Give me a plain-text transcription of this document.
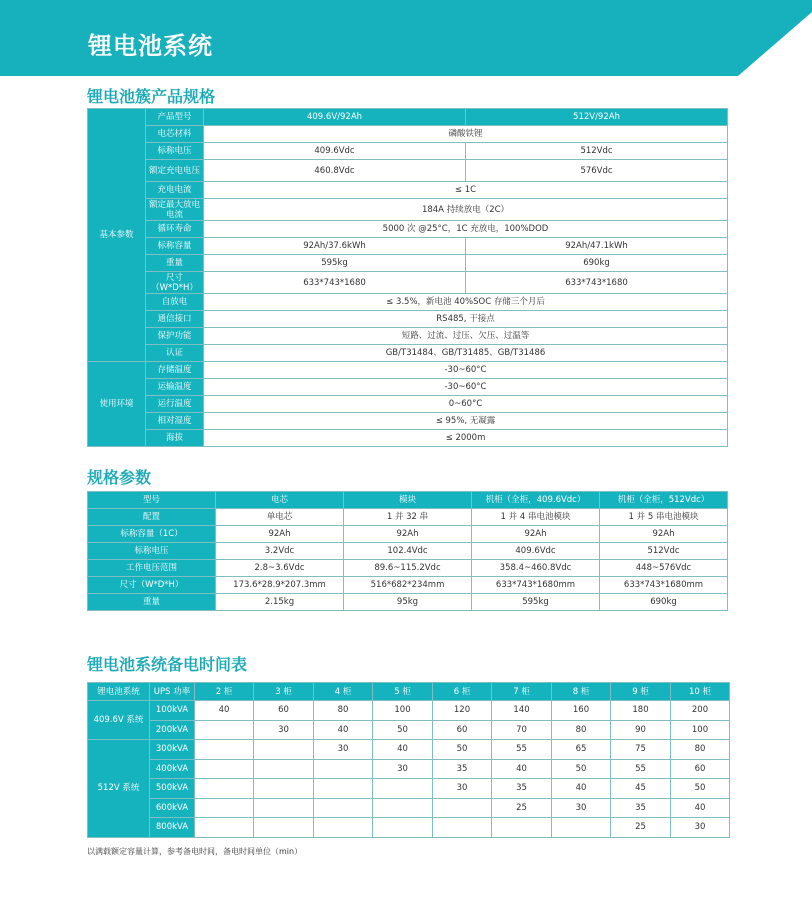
锂电池系统
锂电池簇产品规格
基本参数	产品型号	409.6V/92Ah	512V/92Ah
	电芯材料	磷酸铁锂	
	标称电压	409.6Vdc	512Vdc
	额定充电电压	460.8Vdc	576Vdc
	充电电流	≤ 1C	
	额定最大放电电流	184A 持续放电（2C）	
	循环寿命	5000 次 @25°C，1C 充放电，100%DOD	
	标称容量	92Ah/37.6kWh	92Ah/47.1kWh
	重量	595kg	690kg
	尺寸（W*D*H）	633*743*1680	633*743*1680
	自放电	≤ 3.5%，新电池 40%SOC 存储三个月后	
	通信接口	RS485, 干接点	
	保护功能	短路、过流、过压、欠压、过温等	
	认证	GB/T31484、GB/T31485、GB/T31486	
使用环境	存储温度	-30~60°C	
	运输温度	-30~60°C	
	运行温度	0~60°C	
	相对湿度	≤ 95%, 无凝露	
	海拔	≤ 2000m	
规格参数
型号	电芯	模块	机柜（全柜，409.6Vdc）	机柜（全柜，512Vdc）
配置	单电芯	1 并 32 串	1 并 4 串电池模块	1 并 5 串电池模块
标称容量（1C）	92Ah	92Ah	92Ah	92Ah
标称电压	3.2Vdc	102.4Vdc	409.6Vdc	512Vdc
工作电压范围	2.8~3.6Vdc	89.6~115.2Vdc	358.4~460.8Vdc	448~576Vdc
尺寸（W*D*H）	173.6*28.9*207.3mm	516*682*234mm	633*743*1680mm	633*743*1680mm
重量	2.15kg	95kg	595kg	690kg
锂电池系统备电时间表
锂电池系统	UPS 功率	2 柜	3 柜	4 柜	5 柜	6 柜	7 柜	8 柜	9 柜	10 柜
409.6V 系统	100kVA	40	60	80	100	120	140	160	180	200
	200kVA		30	40	50	60	70	80	90	100
512V 系统	300kVA			30	40	50	55	65	75	80
	400kVA				30	35	40	50	55	60
	500kVA					30	35	40	45	50
	600kVA						25	30	35	40
	800kVA								25	30
以满载额定容量计算，参考备电时间，备电时间单位（min）
